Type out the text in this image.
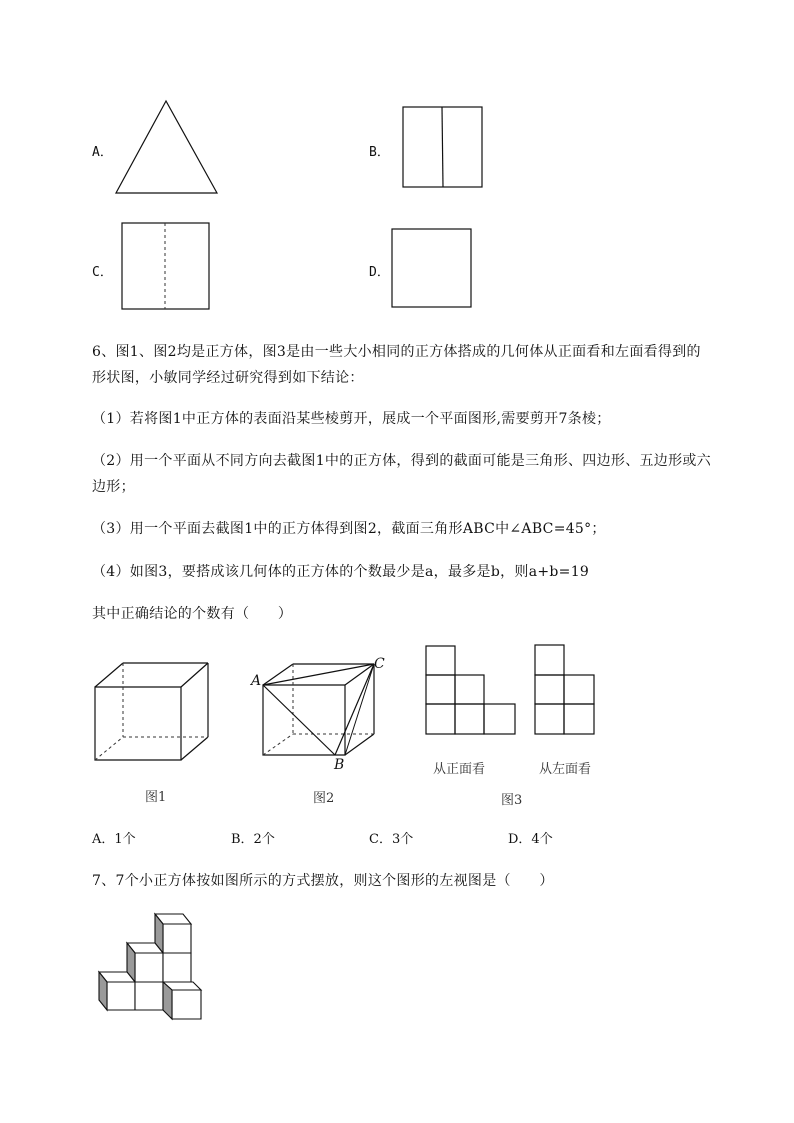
A．	B．
C．	D．
6、图1、图2均是正方体，图3是由一些大小相同的正方体搭成的几何体从正面看和左面看得到的
形状图，小敏同学经过研究得到如下结论：
（1）若将图1中正方体的表面沿某些棱剪开，展成一个平面图形,需要剪开7条棱；
（2）用一个平面从不同方向去截图1中的正方体，得到的截面可能是三角形、四边形、五边形或六
边形；
（3）用一个平面去截图1中的正方体得到图2，截面三角形ABC中∠ABC=45°；
（4）如图3，要搭成该几何体的正方体的个数最少是a，最多是b，则a+b=19
其中正确结论的个数有（　　）
图1
A
C
B
图2
从正面看	从左面看
图3
A．1个	B．2个	C．3个	D．4个
7、7个小正方体按如图所示的方式摆放，则这个图形的左视图是（　　）
